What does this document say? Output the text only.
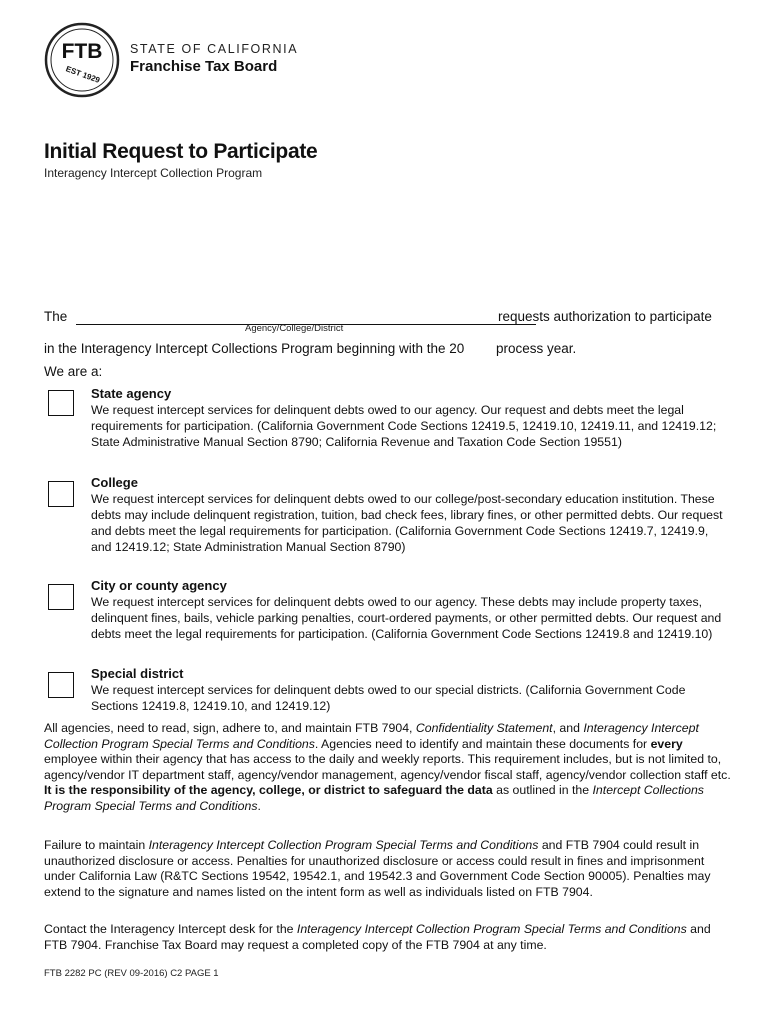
FTB
EST 1929
STATE OF CALIFORNIA
Franchise Tax Board
Initial Request to Participate
Interagency Intercept Collection Program
The	requests authorization to participate
Agency/College/District
in the Interagency Intercept Collections Program beginning with the 20 process year.
We are a:
State agency
We request intercept services for delinquent debts owed to our agency. Our request and debts meet the legal requirements for participation. (California Government Code Sections 12419.5, 12419.10, 12419.11, and 12419.12; State Administrative Manual Section 8790; California Revenue and Taxation Code Section 19551)
College
We request intercept services for delinquent debts owed to our college/post-secondary education institution. These debts may include delinquent registration, tuition, bad check fees, library fines, or other permitted debts. Our request and debts meet the legal requirements for participation. (California Government Code Sections 12419.7, 12419.9, and 12419.12; State Administration Manual Section 8790)
City or county agency
We request intercept services for delinquent debts owed to our agency. These debts may include property taxes, delinquent fines, bails, vehicle parking penalties, court-ordered payments, or other permitted debts. Our request and debts meet the legal requirements for participation. (California Government Code Sections 12419.8 and 12419.10)
Special district
We request intercept services for delinquent debts owed to our special districts. (California Government Code Sections 12419.8, 12419.10, and 12419.12)
All agencies, need to read, sign, adhere to, and maintain FTB 7904, Confidentiality Statement, and Interagency Intercept Collection Program Special Terms and Conditions. Agencies need to identify and maintain these documents for every employee within their agency that has access to the daily and weekly reports. This requirement includes, but is not limited to, agency/vendor IT department staff, agency/vendor management, agency/vendor fiscal staff, agency/vendor collection staff etc. It is the responsibility of the agency, college, or district to safeguard the data as outlined in the Intercept Collections Program Special Terms and Conditions.
Failure to maintain Interagency Intercept Collection Program Special Terms and Conditions and FTB 7904 could result in unauthorized disclosure or access. Penalties for unauthorized disclosure or access could result in fines and imprisonment under California Law (R&TC Sections 19542, 19542.1, and 19542.3 and Government Code Section 90005). Penalties may extend to the signature and names listed on the intent form as well as individuals listed on FTB 7904.
Contact the Interagency Intercept desk for the Interagency Intercept Collection Program Special Terms and Conditions and FTB 7904. Franchise Tax Board may request a completed copy of the FTB 7904 at any time.
FTB 2282 PC (REV 09-2016) C2 PAGE 1
